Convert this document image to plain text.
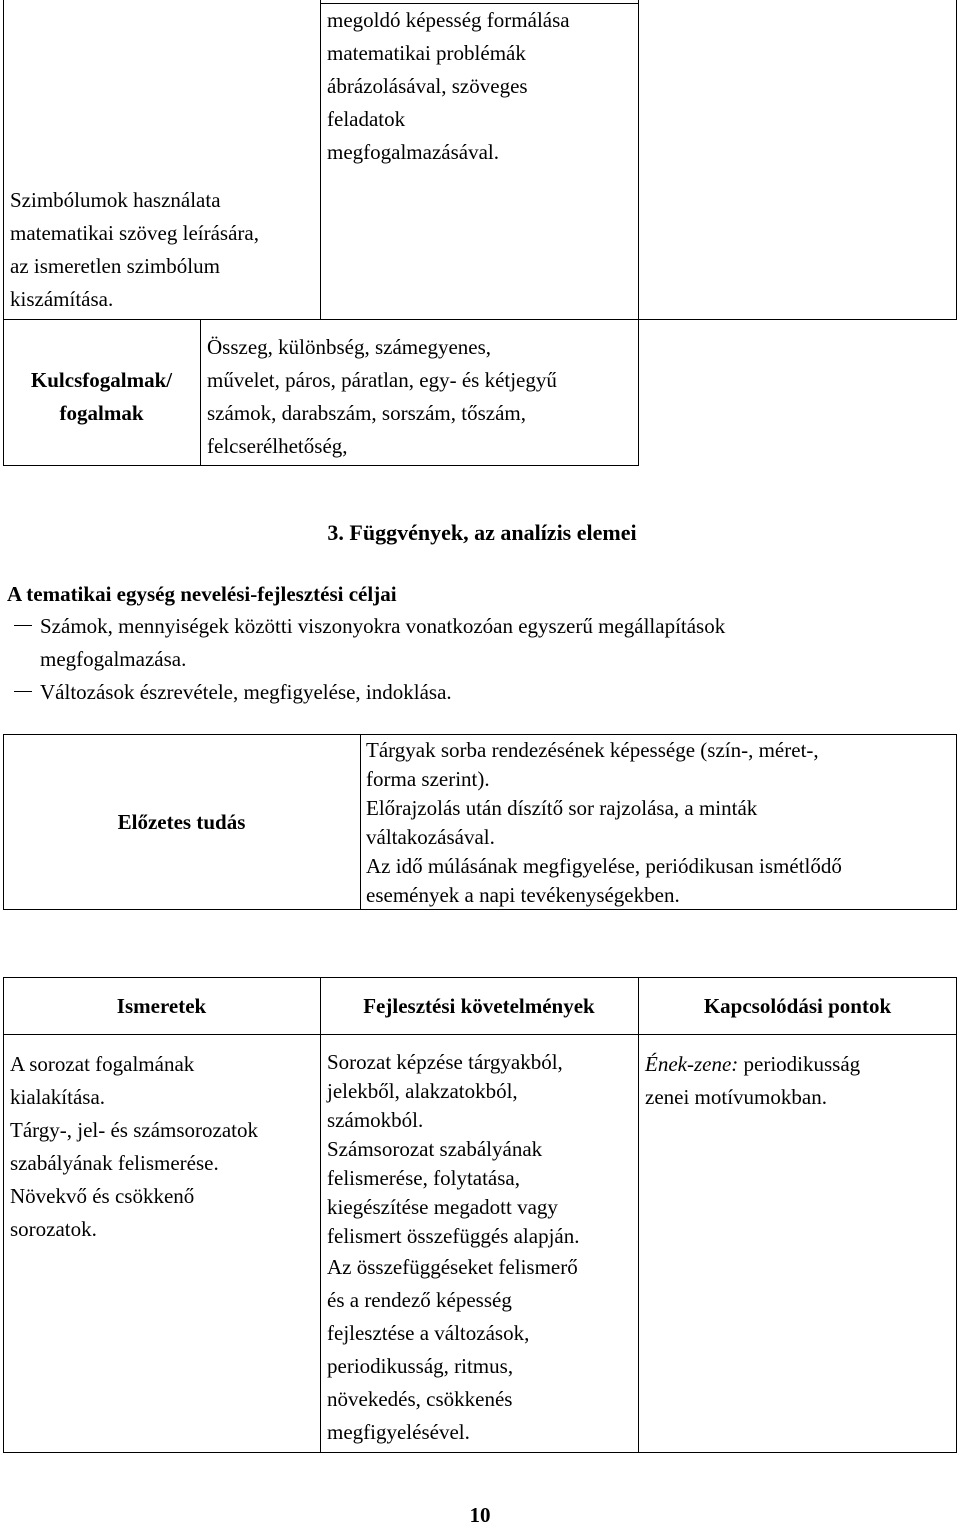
megoldó képesség formálása
matematikai problémák
ábrázolásával, szöveges
feladatok
megfogalmazásával.
Szimbólumok használata
matematikai szöveg leírására,
az ismeretlen szimbólum
kiszámítása.
Kulcsfogalmak/
fogalmak
Összeg, különbség, számegyenes,
művelet, páros, páratlan, egy- és kétjegyű
számok, darabszám, sorszám, tőszám,
felcserélhetőség,
3. Függvények, az analízis elemei
A tematikai egység nevelési-fejlesztési céljai
Számok, mennyiségek közötti viszonyokra vonatkozóan egyszerű megállapítások
megfogalmazása.
Változások észrevétele, megfigyelése, indoklása.
Előzetes tudás
Tárgyak sorba rendezésének képessége (szín-, méret-,
forma szerint).
Előrajzolás után díszítő sor rajzolása, a minták
váltakozásával.
Az idő múlásának megfigyelése, periódikusan ismétlődő
események a napi tevékenységekben.
Ismeretek	Fejlesztési követelmények	Kapcsolódási pontok
A sorozat fogalmának
kialakítása.
Tárgy-, jel- és számsorozatok
szabályának felismerése.
Növekvő és csökkenő
sorozatok.
Sorozat képzése tárgyakból,
jelekből, alakzatokból,
számokból.
Számsorozat szabályának
felismerése, folytatása,
kiegészítése megadott vagy
felismert összefüggés alapján.
Az összefüggéseket felismerő
és a rendező képesség
fejlesztése a változások,
periodikusság, ritmus,
növekedés, csökkenés
megfigyelésével.
Ének-zene: periodikusság
zenei motívumokban.
10
